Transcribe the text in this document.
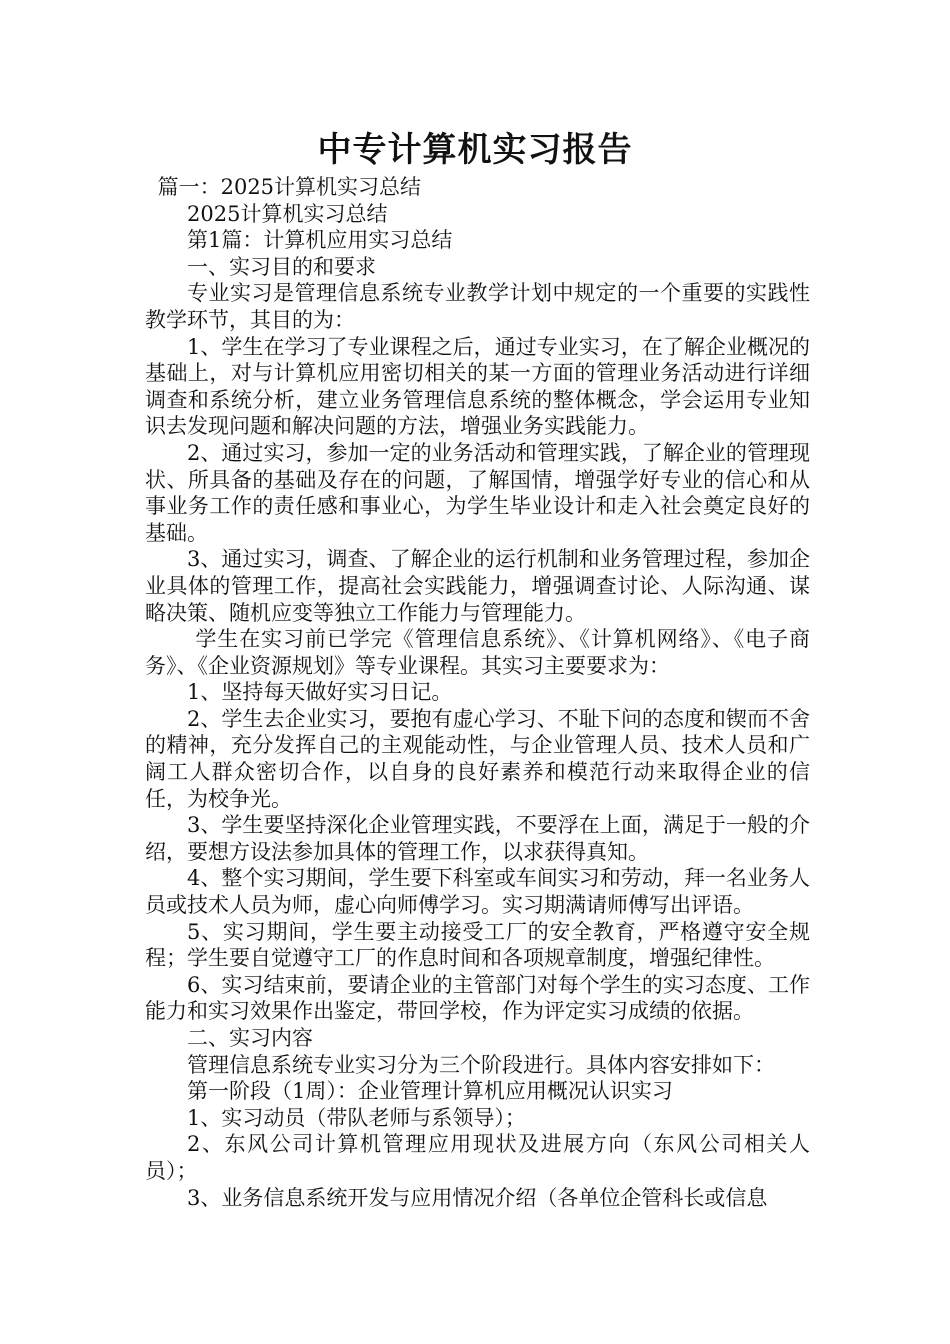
中专计算机实习报告

篇一：2025计算机实习总结

2025计算机实习总结

第1篇：计算机应用实习总结

一、实习目的和要求

专业实习是管理信息系统专业教学计划中规定的一个重要的实践性教学环节，其目的为：

1、学生在学习了专业课程之后，通过专业实习，在了解企业概况的基础上，对与计算机应用密切相关的某一方面的管理业务活动进行详细调查和系统分析，建立业务管理信息系统的整体概念，学会运用专业知识去发现问题和解决问题的方法，增强业务实践能力。

2、通过实习，参加一定的业务活动和管理实践，了解企业的管理现状、所具备的基础及存在的问题，了解国情，增强学好专业的信心和从事业务工作的责任感和事业心，为学生毕业设计和走入社会奠定良好的基础。

3、通过实习，调查、了解企业的运行机制和业务管理过程，参加企业具体的管理工作，提高社会实践能力，增强调查讨论、人际沟通、谋略决策、随机应变等独立工作能力与管理能力。

学生在实习前已学完《管理信息系统》、《计算机网络》、《电子商务》、《企业资源规划》等专业课程。其实习主要要求为：

1、坚持每天做好实习日记。

2、学生去企业实习，要抱有虚心学习、不耻下问的态度和锲而不舍的精神，充分发挥自己的主观能动性，与企业管理人员、技术人员和广阔工人群众密切合作，以自身的良好素养和模范行动来取得企业的信任，为校争光。

3、学生要坚持深化企业管理实践，不要浮在上面，满足于一般的介绍，要想方设法参加具体的管理工作，以求获得真知。

4、整个实习期间，学生要下科室或车间实习和劳动，拜一名业务人员或技术人员为师，虚心向师傅学习。实习期满请师傅写出评语。

5、实习期间，学生要主动接受工厂的安全教育，严格遵守安全规程；学生要自觉遵守工厂的作息时间和各项规章制度，增强纪律性。

6、实习结束前，要请企业的主管部门对每个学生的实习态度、工作能力和实习效果作出鉴定，带回学校，作为评定实习成绩的依据。

二、实习内容

管理信息系统专业实习分为三个阶段进行。具体内容安排如下：

第一阶段（1周）：企业管理计算机应用概况认识实习

1、实习动员（带队老师与系领导）；

2、东风公司计算机管理应用现状及进展方向（东风公司相关人员）；

3、业务信息系统开发与应用情况介绍（各单位企管科长或信息
